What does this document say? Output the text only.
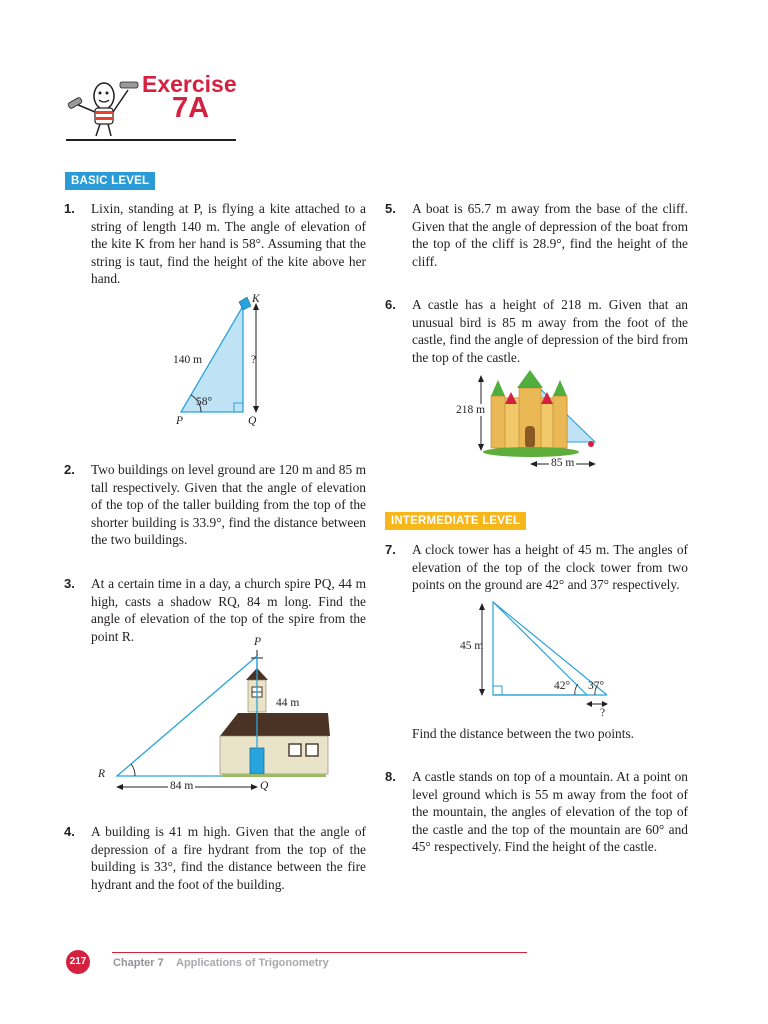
Exercise
7A
BASIC LEVEL
1. Lixin, standing at P, is flying a kite attached to a string of length 140 m. The angle of elevation of the kite K from her hand is 58°. Assuming that the string is taut, find the height of the kite above her hand.
K
140 m	?
58°
P	Q
2. Two buildings on level ground are 120 m and 85 m tall respectively. Given that the angle of elevation of the top of the taller building from the top of the shorter building is 33.9°, find the distance between the two buildings.
3. At a certain time in a day, a church spire PQ, 44 m high, casts a shadow RQ, 84 m long. Find the angle of elevation of the top of the spire from the point R.	P
44 m
R
84 m	Q
4. A building is 41 m high. Given that the angle of depression of a fire hydrant from the top of the building is 33°, find the distance between the fire hydrant and the foot of the building.
5. A boat is 65.7 m away from the base of the cliff. Given that the angle of depression of the boat from the top of the cliff is 28.9°, find the height of the cliff.
6. A castle has a height of 218 m. Given that an unusual bird is 85 m away from the foot of the castle, find the angle of depression of the bird from the top of the castle.
218 m
85 m
INTERMEDIATE LEVEL
7. A clock tower has a height of 45 m. The angles of elevation of the top of the clock tower from two points on the ground are 42° and 37° respectively.
45 m
42° 37°
?
Find the distance between the two points.
8. A castle stands on top of a mountain. At a point on level ground which is 55 m away from the foot of the mountain, the angles of elevation of the top of the castle and the top of the mountain are 60° and 45° respectively. Find the height of the castle.
217	Chapter 7 Applications of Trigonometry
